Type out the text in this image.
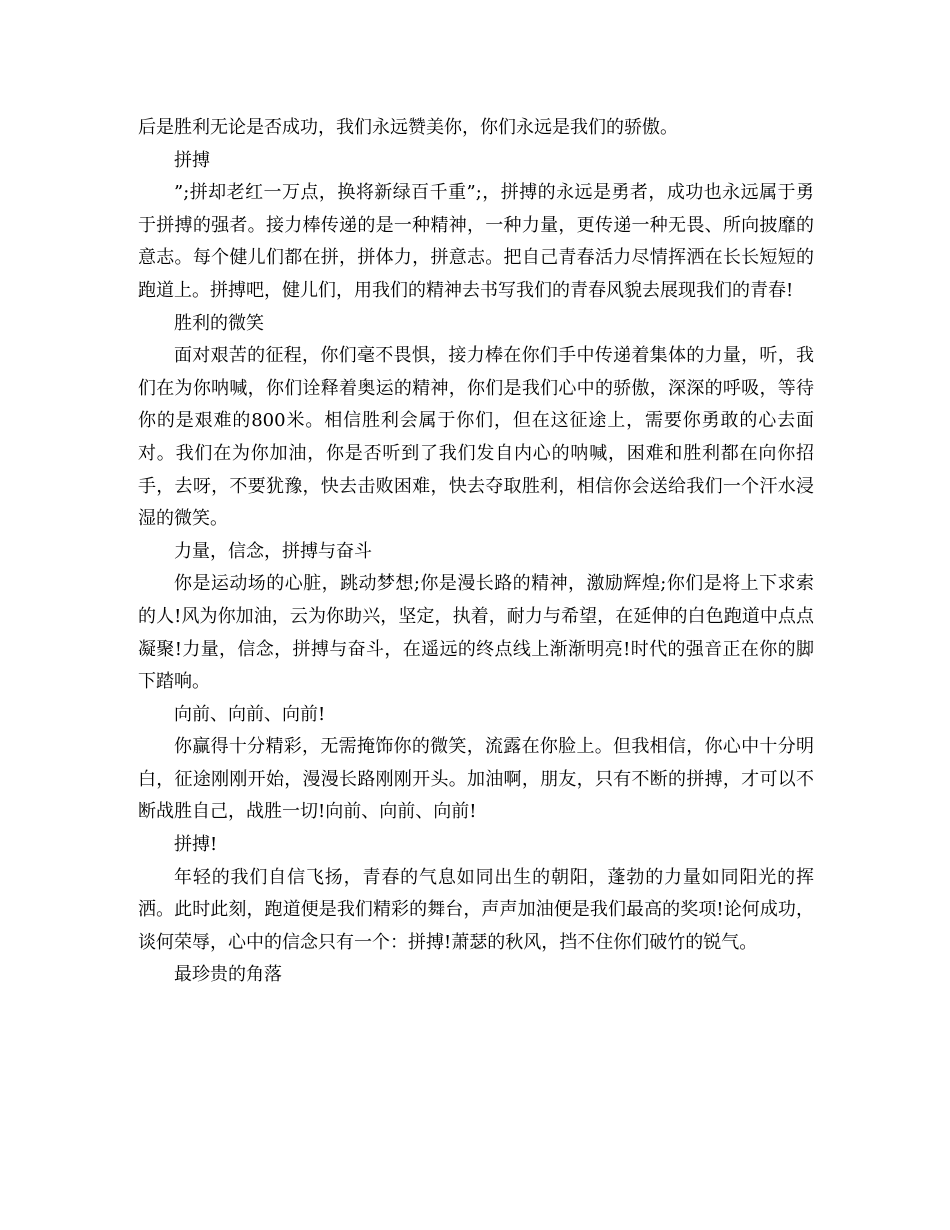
后是胜利无论是否成功，我们永远赞美你，你们永远是我们的骄傲。

拼搏

”;拼却老红一万点，换将新绿百千重”;，拼搏的永远是勇者，成功也永远属于勇于拼搏的强者。接力棒传递的是一种精神，一种力量，更传递一种无畏、所向披靡的意志。每个健儿们都在拼，拼体力，拼意志。把自己青春活力尽情挥洒在长长短短的跑道上。拼搏吧，健儿们，用我们的精神去书写我们的青春风貌去展现我们的青春!

胜利的微笑

面对艰苦的征程，你们毫不畏惧，接力棒在你们手中传递着集体的力量，听，我们在为你呐喊，你们诠释着奥运的精神，你们是我们心中的骄傲，深深的呼吸，等待你的是艰难的800米。相信胜利会属于你们，但在这征途上，需要你勇敢的心去面对。我们在为你加油，你是否听到了我们发自内心的呐喊，困难和胜利都在向你招手，去呀，不要犹豫，快去击败困难，快去夺取胜利，相信你会送给我们一个汗水浸湿的微笑。

力量，信念，拼搏与奋斗

你是运动场的心脏，跳动梦想;你是漫长路的精神，激励辉煌;你们是将上下求索的人!风为你加油，云为你助兴，坚定，执着，耐力与希望，在延伸的白色跑道中点点凝聚!力量，信念，拼搏与奋斗，在遥远的终点线上渐渐明亮!时代的强音正在你的脚下踏响。

向前、向前、向前!

你赢得十分精彩，无需掩饰你的微笑，流露在你脸上。但我相信，你心中十分明白，征途刚刚开始，漫漫长路刚刚开头。加油啊，朋友，只有不断的拼搏，才可以不断战胜自己，战胜一切!向前、向前、向前!

拼搏!

年轻的我们自信飞扬，青春的气息如同出生的朝阳，蓬勃的力量如同阳光的挥洒。此时此刻，跑道便是我们精彩的舞台，声声加油便是我们最高的奖项!论何成功，谈何荣辱，心中的信念只有一个：拼搏!萧瑟的秋风，挡不住你们破竹的锐气。

最珍贵的角落
